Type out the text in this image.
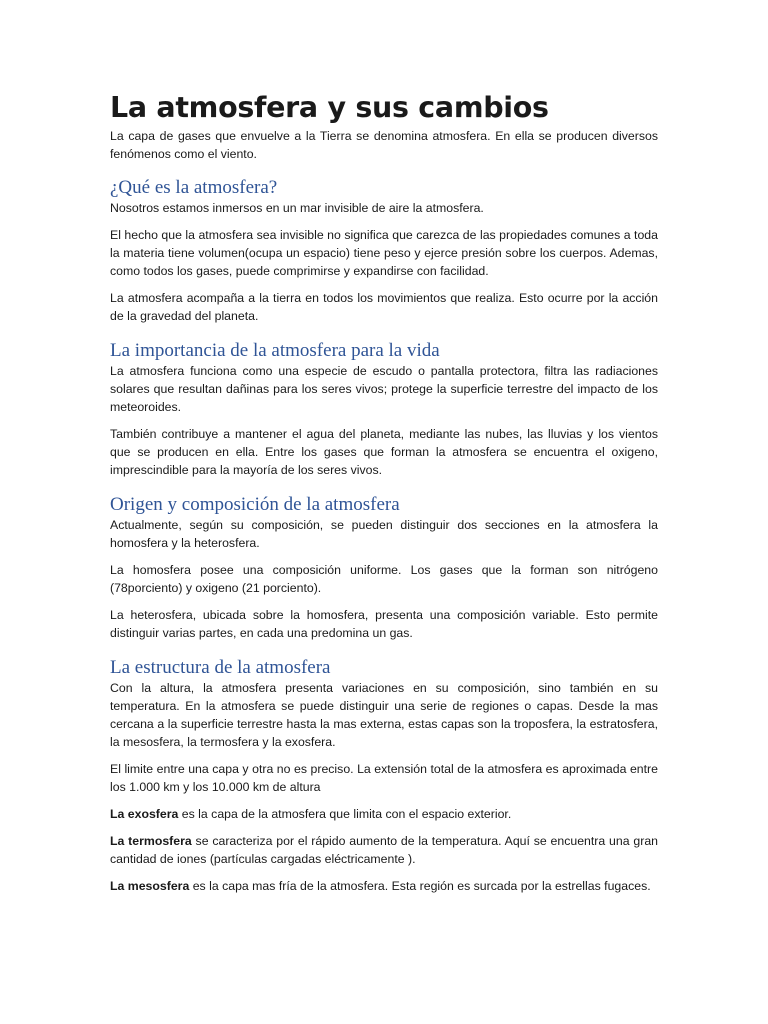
La atmosfera y sus cambios

La capa de gases que envuelve a la Tierra se denomina atmosfera. En ella se producen diversos fenómenos como el viento.

¿Qué es la atmosfera?

Nosotros estamos inmersos en un mar invisible de aire la atmosfera.

El hecho que la atmosfera sea invisible no significa que carezca de las propiedades comunes a toda la materia tiene volumen(ocupa un espacio) tiene peso y ejerce presión sobre los cuerpos. Ademas, como todos los gases, puede comprimirse y expandirse con facilidad.

La atmosfera acompaña a la tierra en todos los movimientos que realiza. Esto ocurre por la acción de la gravedad del planeta.

La importancia de la atmosfera para la vida

La atmosfera funciona como una especie de escudo o pantalla protectora, filtra las radiaciones solares que resultan dañinas para los seres vivos; protege la superficie terrestre del impacto de los meteoroides.

También contribuye a mantener el agua del planeta, mediante las nubes, las lluvias y los vientos que se producen en ella. Entre los gases que forman la atmosfera se encuentra el oxigeno, imprescindible para la mayoría de los seres vivos.

Origen y composición de la atmosfera

Actualmente, según su composición, se pueden distinguir dos secciones en la atmosfera la homosfera y la heterosfera.

La homosfera posee una composición uniforme. Los gases que la forman son nitrógeno (78porciento) y oxigeno (21 porciento).

La heterosfera, ubicada sobre la homosfera, presenta una composición variable. Esto permite distinguir varias partes, en cada una predomina un gas.

La estructura de la atmosfera

Con la altura, la atmosfera presenta variaciones en su composición, sino también en su temperatura. En la atmosfera se puede distinguir una serie de regiones o capas. Desde la mas cercana a la superficie terrestre hasta la mas externa, estas capas son la troposfera, la estratosfera, la mesosfera, la termosfera y la exosfera.

El limite entre una capa y otra no es preciso. La extensión total de la atmosfera es aproximada entre los 1.000 km y los 10.000 km de altura

La exosfera es la capa de la atmosfera que limita con el espacio exterior.

La termosfera se caracteriza por el rápido aumento de la temperatura. Aquí se encuentra una gran cantidad de iones (partículas cargadas eléctricamente ).

La mesosfera es la capa mas fría de la atmosfera. Esta región es surcada por la estrellas fugaces.
